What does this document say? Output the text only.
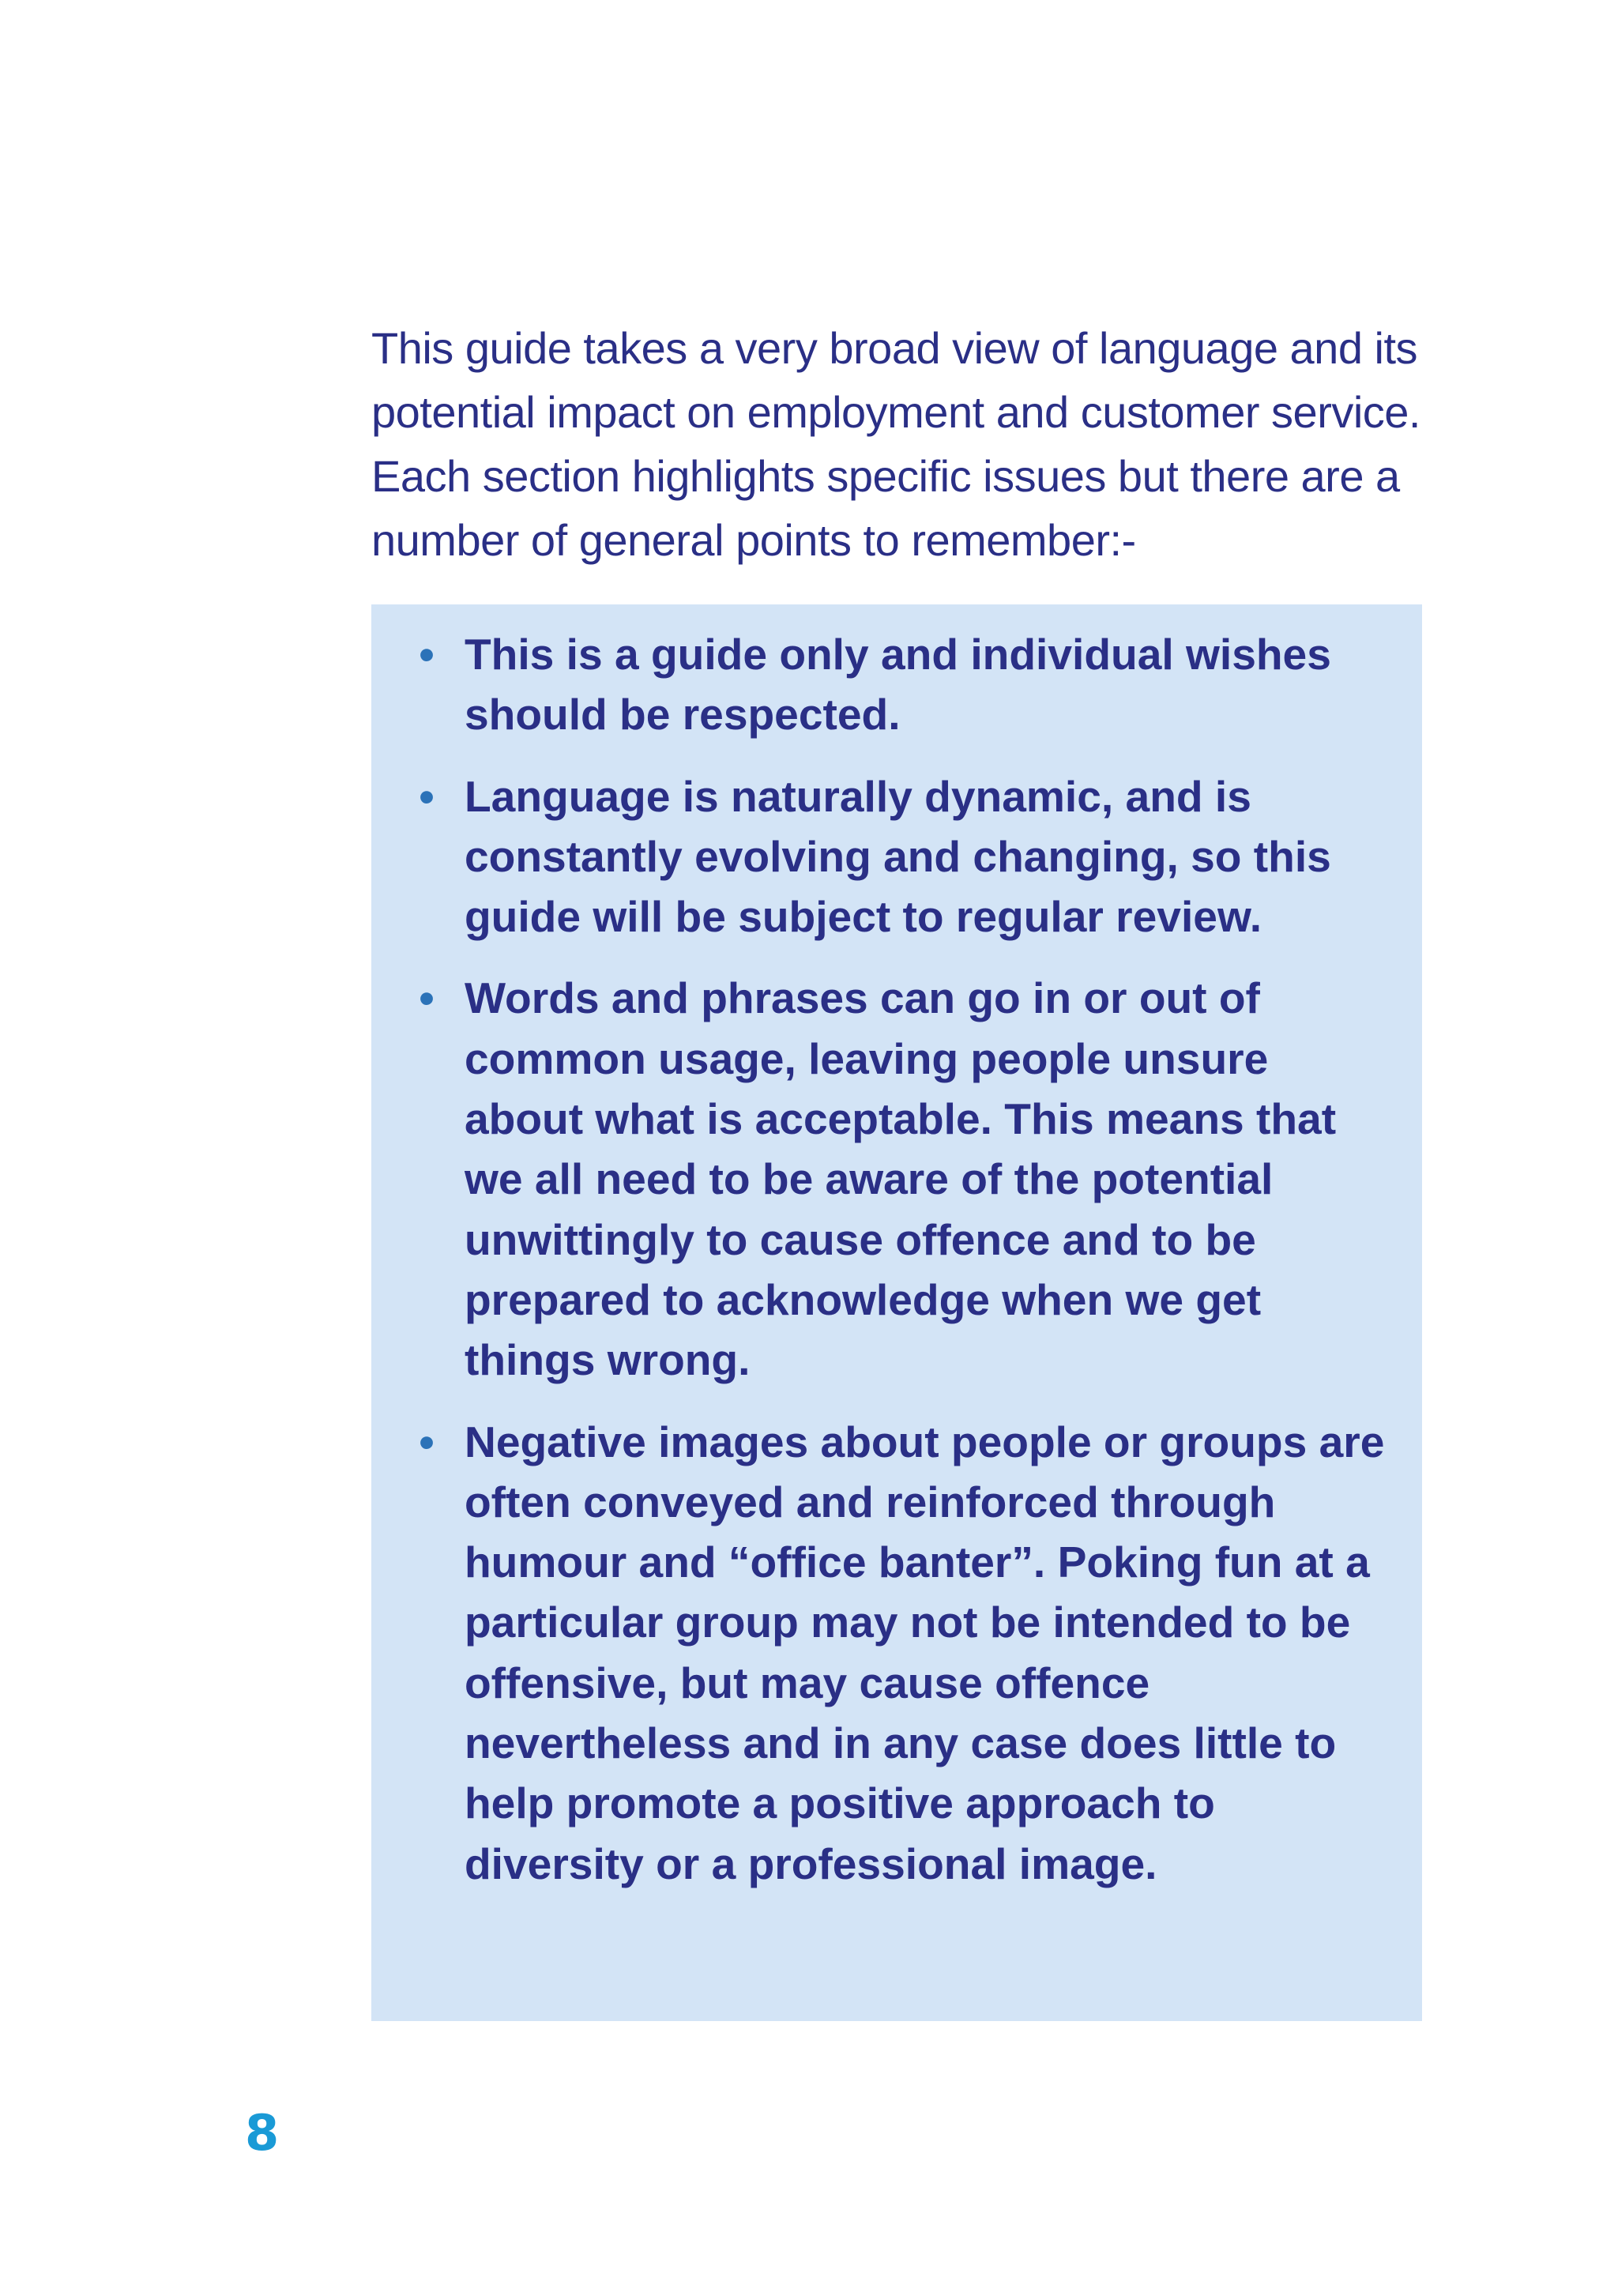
This guide takes a very broad view of language and its potential impact on employment and customer service. Each section highlights specific issues but there are a number of general points to remember:-

• This is a guide only and individual wishes should be respected.
• Language is naturally dynamic, and is constantly evolving and changing, so this guide will be subject to regular review.
• Words and phrases can go in or out of common usage, leaving people unsure about what is acceptable. This means that we all need to be aware of the potential unwittingly to cause offence and to be prepared to acknowledge when we get things wrong.
• Negative images about people or groups are often conveyed and reinforced through humour and “office banter”. Poking fun at a particular group may not be intended to be offensive, but may cause offence nevertheless and in any case does little to help promote a positive approach to diversity or a professional image.
8
